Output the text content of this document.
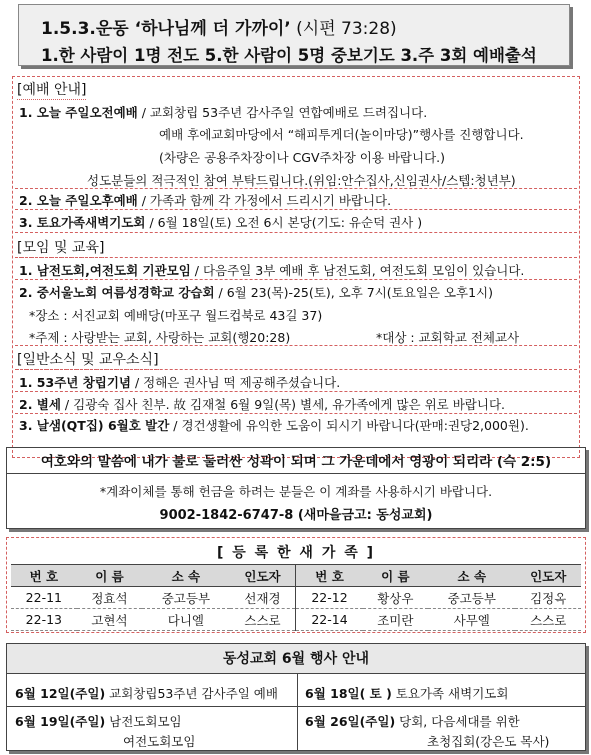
1.5.3.운동 ‘하나님께 더 가까이’ (시편 73:28)
1.한 사람이 1명 전도 5.한 사람이 5명 중보기도 3.주 3회 예배출석
[예배 안내]
1. 오늘 주일오전예배 / 교회창립 53주년 감사주일 연합예배로 드려집니다.
예배 후에교회마당에서 “해피투게더(놀이마당)”행사를 진행합니다.
(차량은 공용주차장이나 CGV주차장 이용 바랍니다.)
성도분들의 적극적인 참여 부탁드립니다.(위임:안수집사,신임권사/스텝:청년부)
2. 오늘 주일오후예배 / 가족과 함께 각 가정에서 드리시기 바랍니다.
3. 토요가족새벽기도회 / 6월 18일(토) 오전 6시 본당(기도: 유순덕 권사 )
[모임 및 교육]
1. 남전도회,여전도회 기관모임 / 다음주일 3부 예배 후 남전도회, 여전도회 모임이 있습니다.
2. 중서울노회 여름성경학교 강습회 / 6월 23(목)-25(토), 오후 7시(토요일은 오후1시)
*장소 : 서진교회 예배당(마포구 월드컵북로 43길 37)
*주제 : 사랑받는 교회, 사랑하는 교회(행20:28)	*대상 : 교회학교 전체교사
[일반소식 및 교우소식]
1. 53주년 창립기념 / 정해은 권사님 떡 제공해주셨습니다.
2. 별세 / 김광숙 집사 친부. 故 김재철 6월 9일(목) 별세, 유가족에게 많은 위로 바랍니다.
3. 날샘(QT집) 6월호 발간 / 경건생활에 유익한 도움이 되시기 바랍니다(판매:권당2,000원).
여호와의 말씀에 내가 불로 둘러싼 성곽이 되며 그 가운데에서 영광이 되리라 (슥 2:5)
*계좌이체를 통해 헌금을 하려는 분들은 이 계좌를 사용하시기 바랍니다.
9002-1842-6747-8 (새마을금고: 동성교회)
[ 등 록 한 새 가 족 ]
번 호	이 름	소 속	인도자	번 호	이 름	소 속	인도자
22-11	정효석	중고등부	선재경	22-12	황상우	중고등부	김정옥
22-13	고현석	다니엘	스스로	22-14	조미란	사무엘	스스로
동성교회 6월 행사 안내
6월 12일(주일) 교회창립53주년 감사주일 예배 6월 18일( 토 ) 토요가족 새벽기도회
6월 19일(주일) 남전도회모임
여전도회모임
6월 26일(주일) 당회, 다음세대를 위한
초청집회(강은도 목사)
